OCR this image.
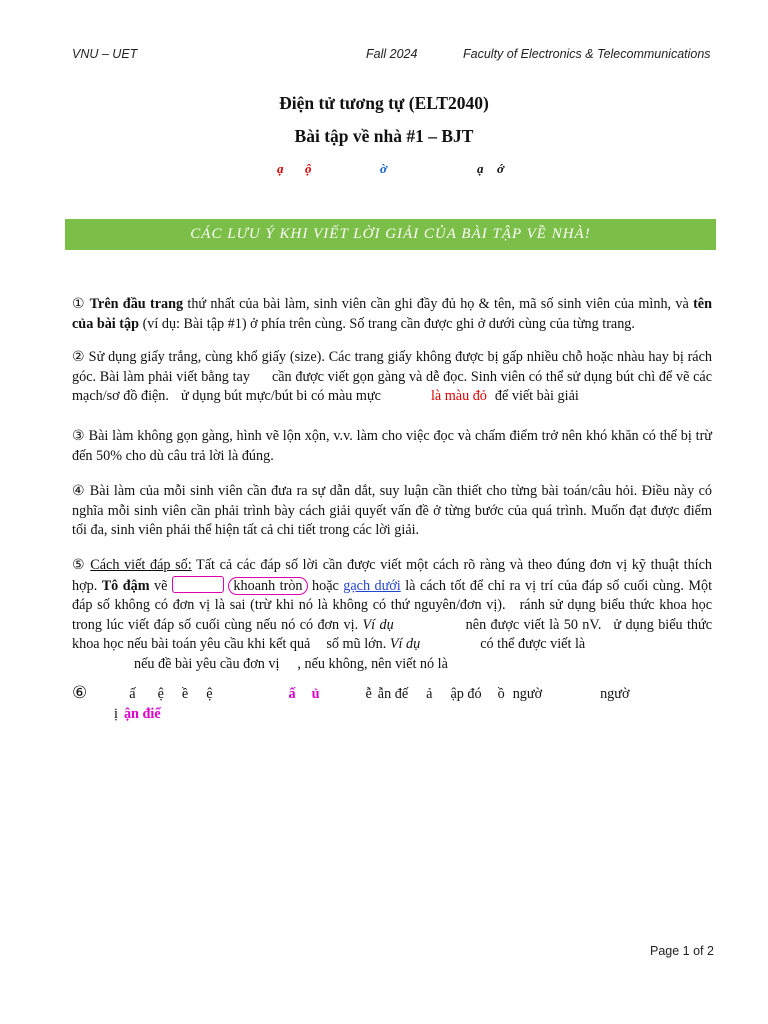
VNU – UET	Fall 2024	Faculty of Electronics & Telecommunications
Điện tử tương tự (ELT2040)
Bài tập về nhà #1 – BJT
ạ ộ	ờ	ạ ớ
CÁC LƯU Ý KHI VIẾT LỜI GIẢI CỦA BÀI TẬP VỀ NHÀ!
① Trên đầu trang thứ nhất của bài làm, sinh viên cần ghi đầy đủ họ & tên, mã số sinh viên của mình, và tên của bài tập (ví dụ: Bài tập #1) ở phía trên cùng. Số trang cần được ghi ở dưới cùng của từng trang.
② Sử dụng giấy trắng, cùng khổ giấy (size). Các trang giấy không được bị gấp nhiều chỗ hoặc nhàu hay bị rách góc. Bài làm phải viết bằng tay cần được viết gọn gàng và dễ đọc. Sinh viên có thể sử dụng bút chì để vẽ các mạch/sơ đồ điện. ử dụng bút mực/bút bi có màu mực	là màu đỏ để viết bài giải
③ Bài làm không gọn gàng, hình vẽ lộn xộn, v.v. làm cho việc đọc và chấm điểm trở nên khó khăn có thể bị trừ đến 50% cho dù câu trả lời là đúng.
④ Bài làm của mỗi sinh viên cần đưa ra sự dẫn dắt, suy luận cần thiết cho từng bài toán/câu hỏi. Điều này có nghĩa mỗi sinh viên cần phải trình bày cách giải quyết vấn đề ở từng bước của quá trình. Muốn đạt được điểm tối đa, sinh viên phải thể hiện tất cả chi tiết trong các lời giải.
⑤ Cách viết đáp số: Tất cả các đáp số lời cần được viết một cách rõ ràng và theo đúng đơn vị kỹ thuật thích hợp. Tô đậm vẽ	khoanh tròn hoặc gạch dưới là cách tốt để chỉ ra vị trí của đáp số cuối cùng. Một đáp số không có đơn vị là sai (trừ khi nó là không có thứ nguyên/đơn vị). ránh sử dụng biểu thức khoa học trong lúc viết đáp số cuối cùng nếu nó có đơn vị. Ví dụ	nên được viết là 50 nV. ử dụng biểu thức khoa học nếu bài toán yêu cầu khi kết quả số mũ lớn. Ví dụ	có thể được viết là
nếu đề bài yêu cầu đơn vị , nếu không, nên viết nó là
⑥	ấ ệ ề ệ	ấ ủ	ễ ẫn đế ả ập đó ồ ngườ	ngườ
ị ận điể
Page 1 of 2
